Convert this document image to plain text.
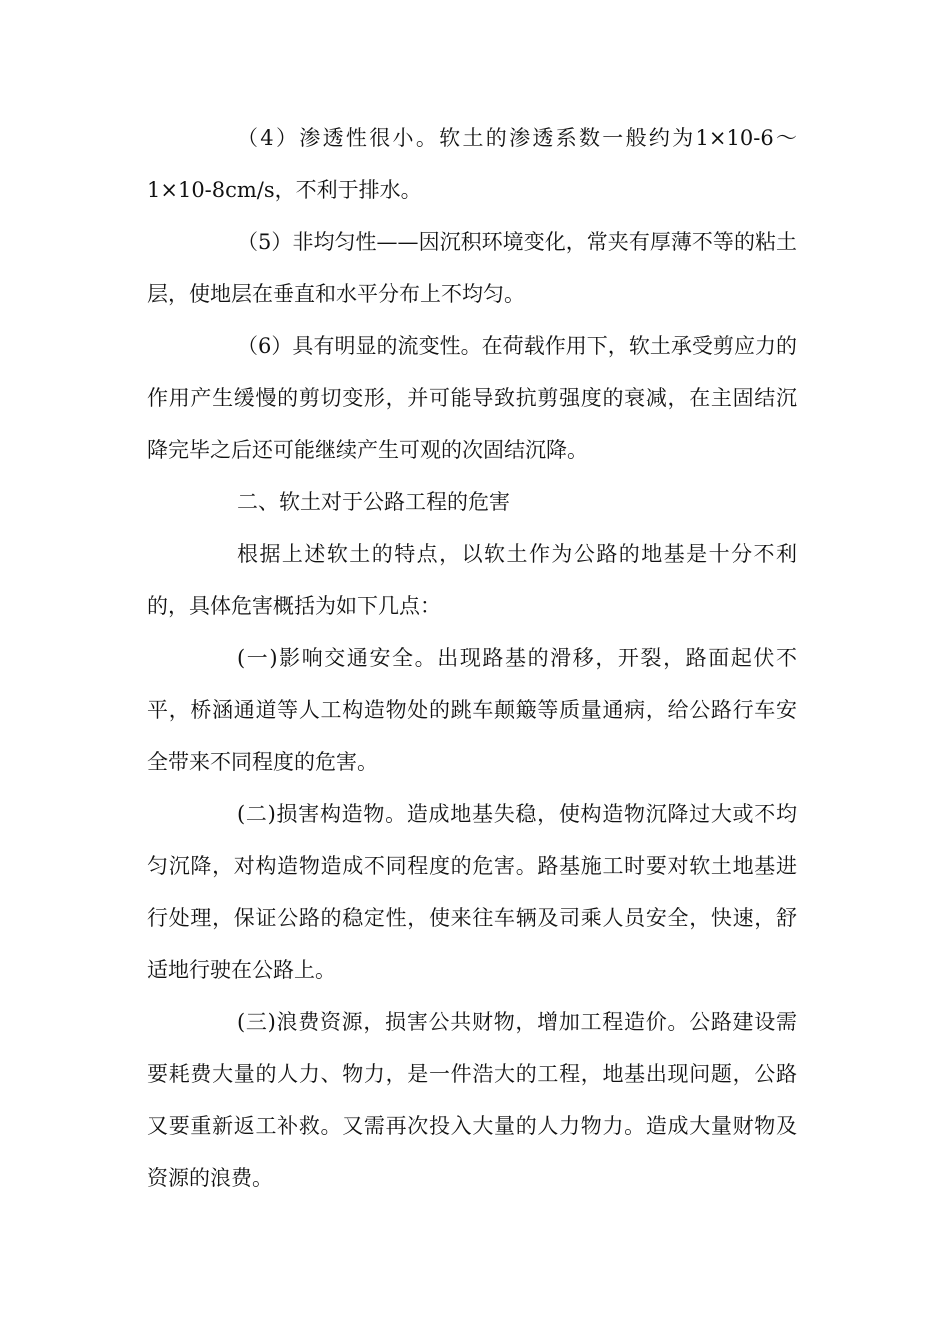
（4）渗透性很小。软土的渗透系数一般约为1×10-6～1×10-8cm/s，不利于排水。

（5）非均匀性——因沉积环境变化，常夹有厚薄不等的粘土层，使地层在垂直和水平分布上不均匀。

（6）具有明显的流变性。在荷载作用下，软土承受剪应力的作用产生缓慢的剪切变形，并可能导致抗剪强度的衰减，在主固结沉降完毕之后还可能继续产生可观的次固结沉降。

二、软土对于公路工程的危害

根据上述软土的特点，以软土作为公路的地基是十分不利的，具体危害概括为如下几点：

(一)影响交通安全。出现路基的滑移，开裂，路面起伏不平，桥涵通道等人工构造物处的跳车颠簸等质量通病，给公路行车安全带来不同程度的危害。

(二)损害构造物。造成地基失稳，使构造物沉降过大或不均匀沉降，对构造物造成不同程度的危害。路基施工时要对软土地基进行处理，保证公路的稳定性，使来往车辆及司乘人员安全，快速，舒适地行驶在公路上。

(三)浪费资源，损害公共财物，增加工程造价。公路建设需要耗费大量的人力、物力，是一件浩大的工程，地基出现问题，公路又要重新返工补救。又需再次投入大量的人力物力。造成大量财物及资源的浪费。
